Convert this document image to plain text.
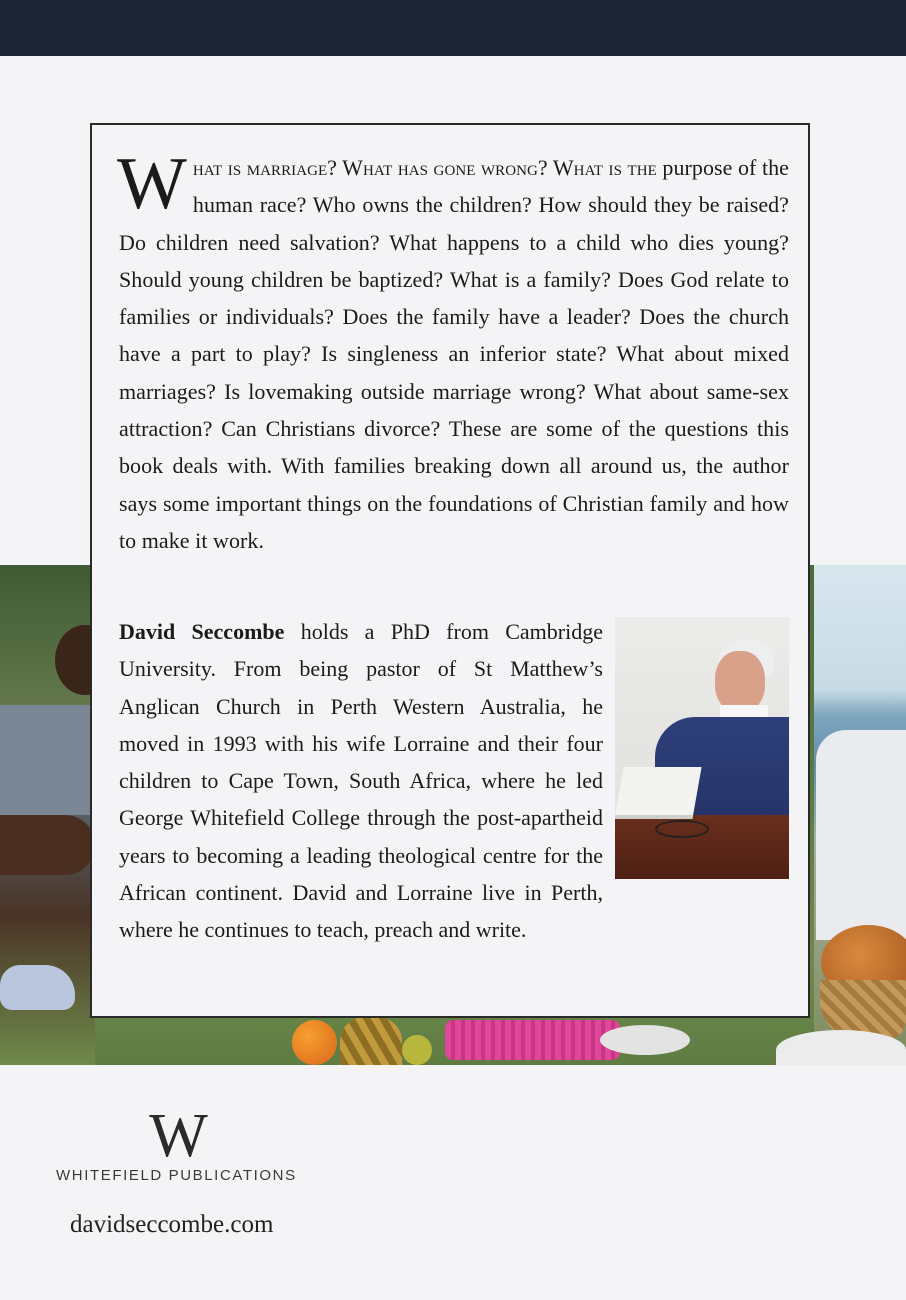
What is marriage? What has gone wrong? What is the purpose of the human race? Who owns the children? How should they be raised? Do children need salvation? What happens to a child who dies young? Should young children be baptized? What is a family? Does God relate to families or individuals? Does the family have a leader? Does the church have a part to play? Is singleness an inferior state? What about mixed marriages? Is lovemaking outside marriage wrong? What about same-sex attraction? Can Christians divorce? These are some of the questions this book deals with. With families breaking down all around us, the author says some important things on the foundations of Christian family and how to make it work.

David Seccombe holds a PhD from Cambridge University. From being pastor of St Matthew’s Anglican Church in Perth Western Australia, he moved in 1993 with his wife Lorraine and their four children to Cape Town, South Africa, where he led George Whitefield College through the post-apartheid years to becoming a leading theological centre for the African continent. David and Lorraine live in Perth, where he continues to teach, preach and write.

W
WHITEFIELD PUBLICATIONS
davidseccombe.com
